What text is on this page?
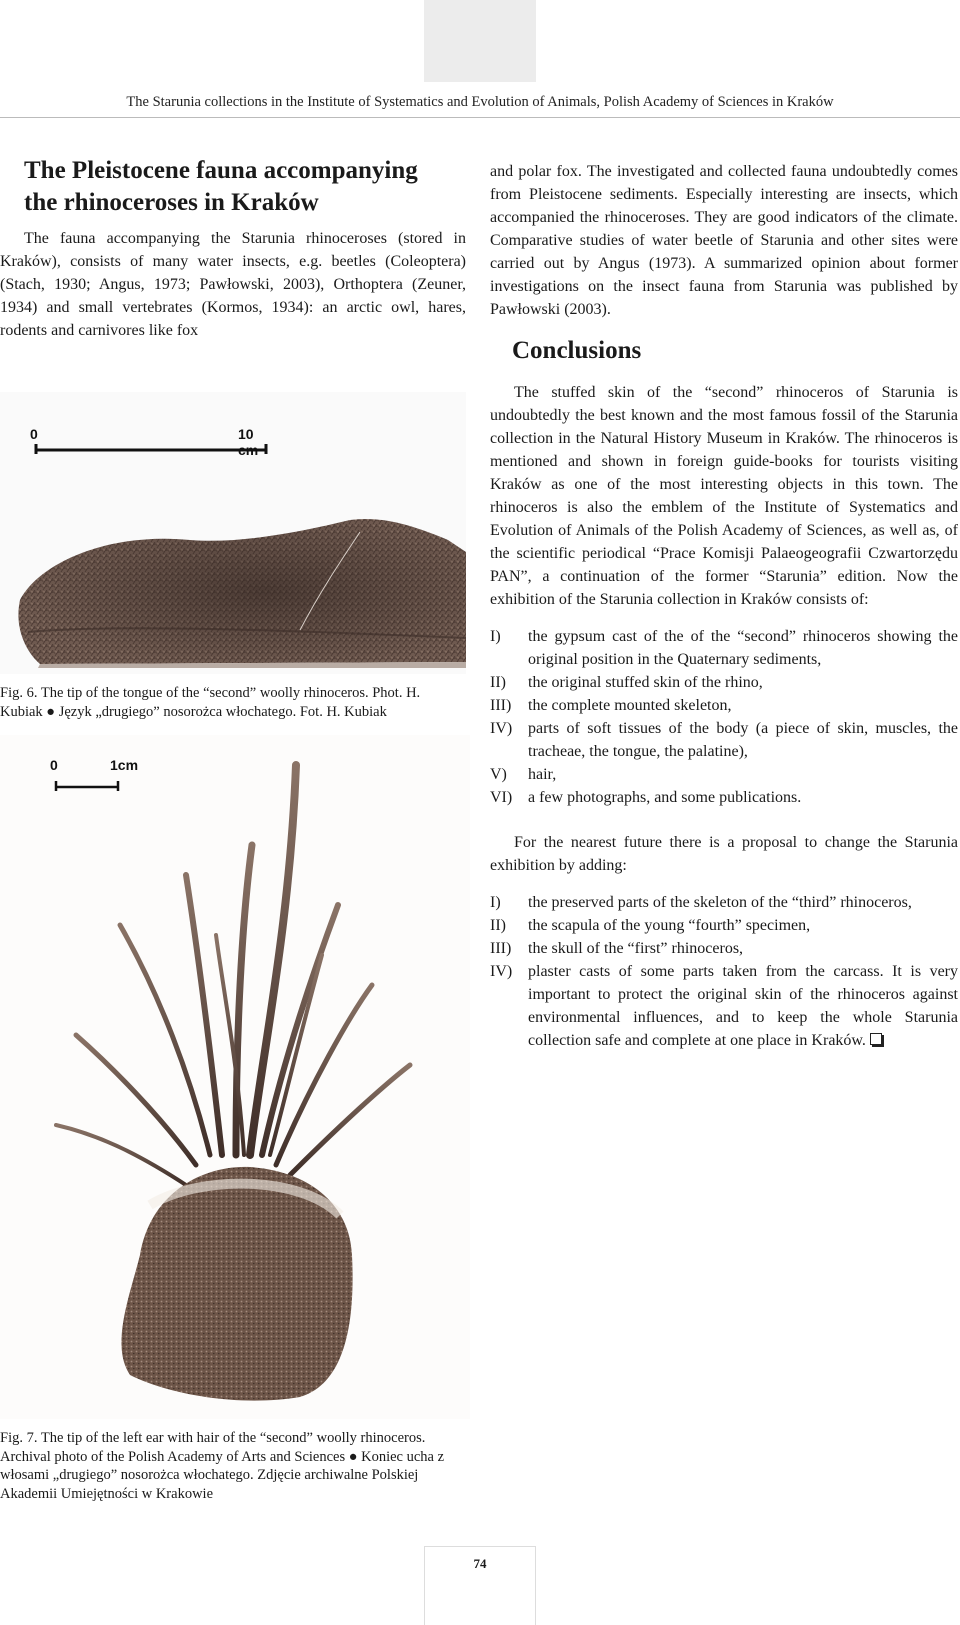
The Starunia collections in the Institute of Systematics and Evolution of Animals, Polish Academy of Sciences in Kraków
The Pleistocene fauna accompanying
the rhinoceroses in Kraków

The fauna accompanying the Starunia rhinoceroses (stored in Kraków), consists of many water insects, e.g. beetles (Coleoptera) (Stach, 1930; Angus, 1973; Pawłowski, 2003), Orthoptera (Zeuner, 1934) and small vertebrates (Kormos, 1934): an arctic owl, hares, rodents and carnivores like fox

0	10 cm

Fig. 6. The tip of the tongue of the “second” woolly rhinoceros. Phot. H. Kubiak ● Język „drugiego” nosorożca włochatego. Fot. H. Kubiak

0	1cm

Fig. 7. The tip of the left ear with hair of the “second” woolly rhinoceros. Archival photo of the Polish Academy of Arts and Sciences ● Koniec ucha z włosami „drugiego” nosorożca włochatego. Zdjęcie archiwalne Polskiej Akademii Umiejętności w Krakowie

and polar fox. The investigated and collected fauna undoubtedly comes from Pleistocene sediments. Especially interesting are insects, which accompanied the rhinoceroses. They are good indicators of the climate. Comparative studies of water beetle of Starunia and other sites were carried out by Angus (1973). A summarized opinion about former investigations on the insect fauna from Starunia was published by Pawłowski (2003).

Conclusions

The stuffed skin of the “second” rhinoceros of Starunia is undoubtedly the best known and the most famous fossil of the Starunia collection in the Natural History Museum in Kraków. The rhinoceros is mentioned and shown in foreign guide-books for tourists visiting Kraków as one of the most interesting objects in this town. The rhinoceros is also the emblem of the Institute of Systematics and Evolution of Animals of the Polish Academy of Sciences, as well as, of the scientific periodical “Prace Komisji Palaeogeografii Czwartorzędu PAN”, a continuation of the former “Starunia” edition. Now the exhibition of the Starunia collection in Kraków consists of:

I) the gypsum cast of the of the “second” rhinoceros showing the original position in the Quaternary sediments,
II) the original stuffed skin of the rhino,
III) the complete mounted skeleton,
IV) parts of soft tissues of the body (a piece of skin, muscles, the tracheae, the tongue, the palatine),
V) hair,
VI) a few photographs, and some publications.

For the nearest future there is a proposal to change the Starunia exhibition by adding:

I) the preserved parts of the skeleton of the “third” rhinoceros,
II) the scapula of the young “fourth” specimen,
III) the skull of the “first” rhinoceros,
IV) plaster casts of some parts taken from the carcass. It is very important to protect the original skin of the rhinoceros against environmental influences, and to keep the whole Starunia collection safe and complete at one place in Kraków.
74
